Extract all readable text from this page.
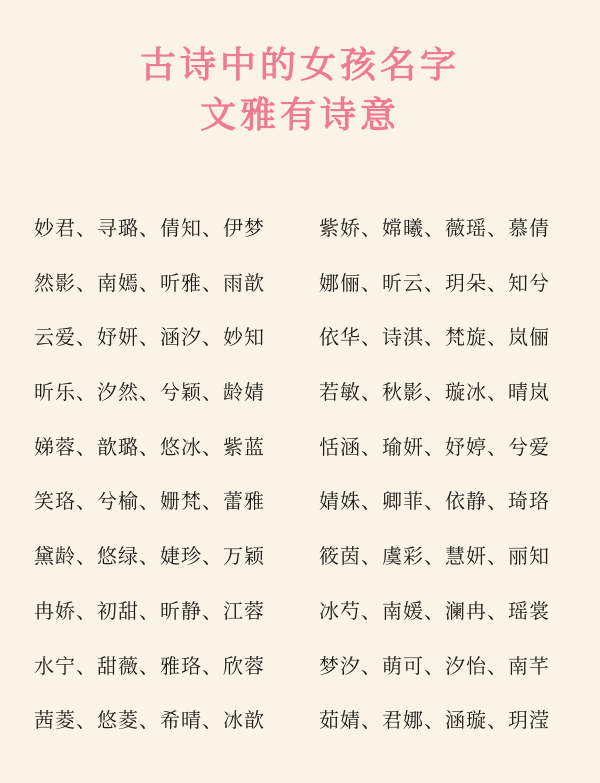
古诗中的女孩名字
文雅有诗意
妙君、寻璐、倩知、伊梦	紫娇、嫦曦、薇瑶、慕倩
然影、南嫣、听雅、雨歆	娜俪、昕云、玥朵、知兮
云爱、妤妍、涵汐、妙知	依华、诗淇、梵旋、岚俪
昕乐、汐然、兮颖、龄婧	若敏、秋影、璇冰、晴岚
娣蓉、歆璐、悠冰、紫蓝	恬涵、瑜妍、妤婷、兮爱
笑珞、兮榆、姗梵、蕾雅	婧姝、卿菲、依静、琦珞
黛龄、悠绿、婕珍、万颖	筱茵、虞彩、慧妍、丽知
冉娇、初甜、昕静、江蓉	冰芍、南媛、澜冉、瑶裳
水宁、甜薇、雅珞、欣蓉	梦汐、萌可、汐怡、南芊
茜菱、悠菱、希晴、冰歆	茹婧、君娜、涵璇、玥滢
